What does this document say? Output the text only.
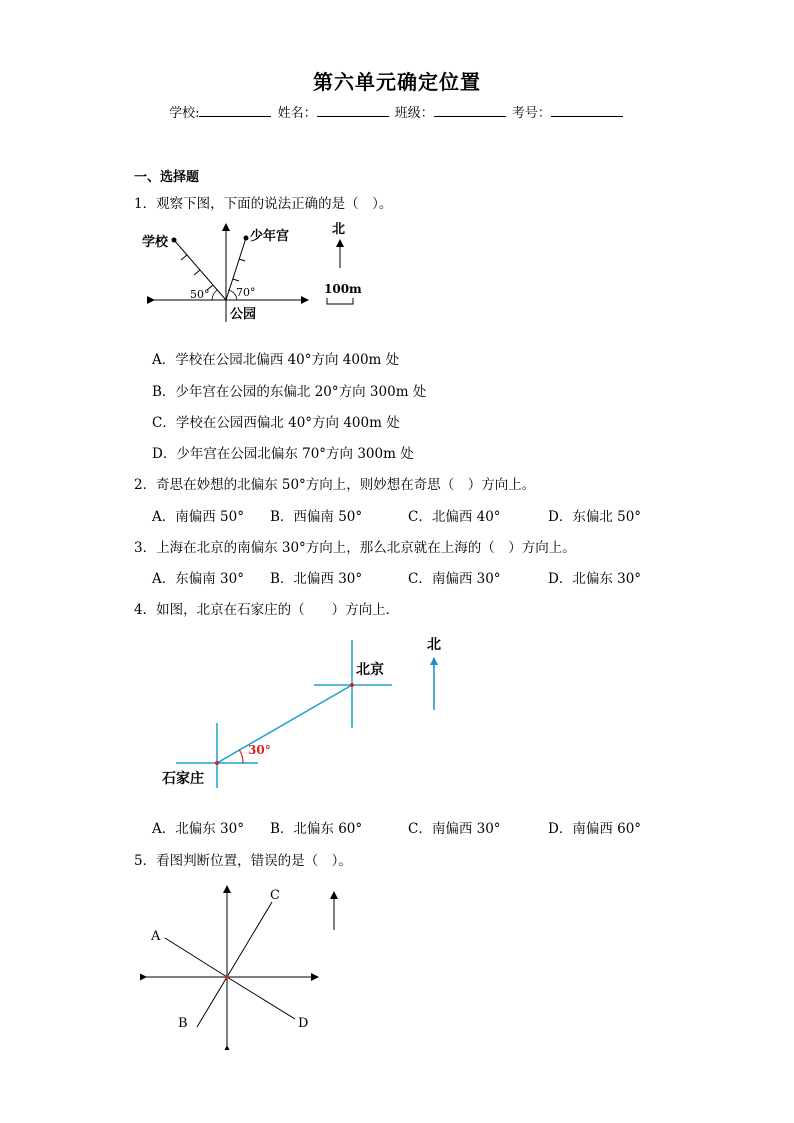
第六单元确定位置
学校:	姓名：	班级：	考号：
一、选择题
1．观察下图，下面的说法正确的是（　）。
学校	少年宫
公园
50° 70°
北
100m
A．学校在公园北偏西 40°方向 400m 处
B．少年宫在公园的东偏北 20°方向 300m 处
C．学校在公园西偏北 40°方向 400m 处
D．少年宫在公园北偏东 70°方向 300m 处
2．奇思在妙想的北偏东 50°方向上，则妙想在奇思（　）方向上。
A．南偏西 50° B．西偏南 50°	C．北偏西 40°	D．东偏北 50°
3．上海在北京的南偏东 30°方向上，那么北京就在上海的（　）方向上。
A．东偏南 30° B．北偏西 30°	C．南偏西 30°	D．北偏东 30°
4．如图，北京在石家庄的（　　）方向上．
北京
石家庄
30°
北
A．北偏东 30° B．北偏东 60°	C．南偏西 30°	D．南偏西 60°
5．看图判断位置，错误的是（　）。
A
B
C
D
